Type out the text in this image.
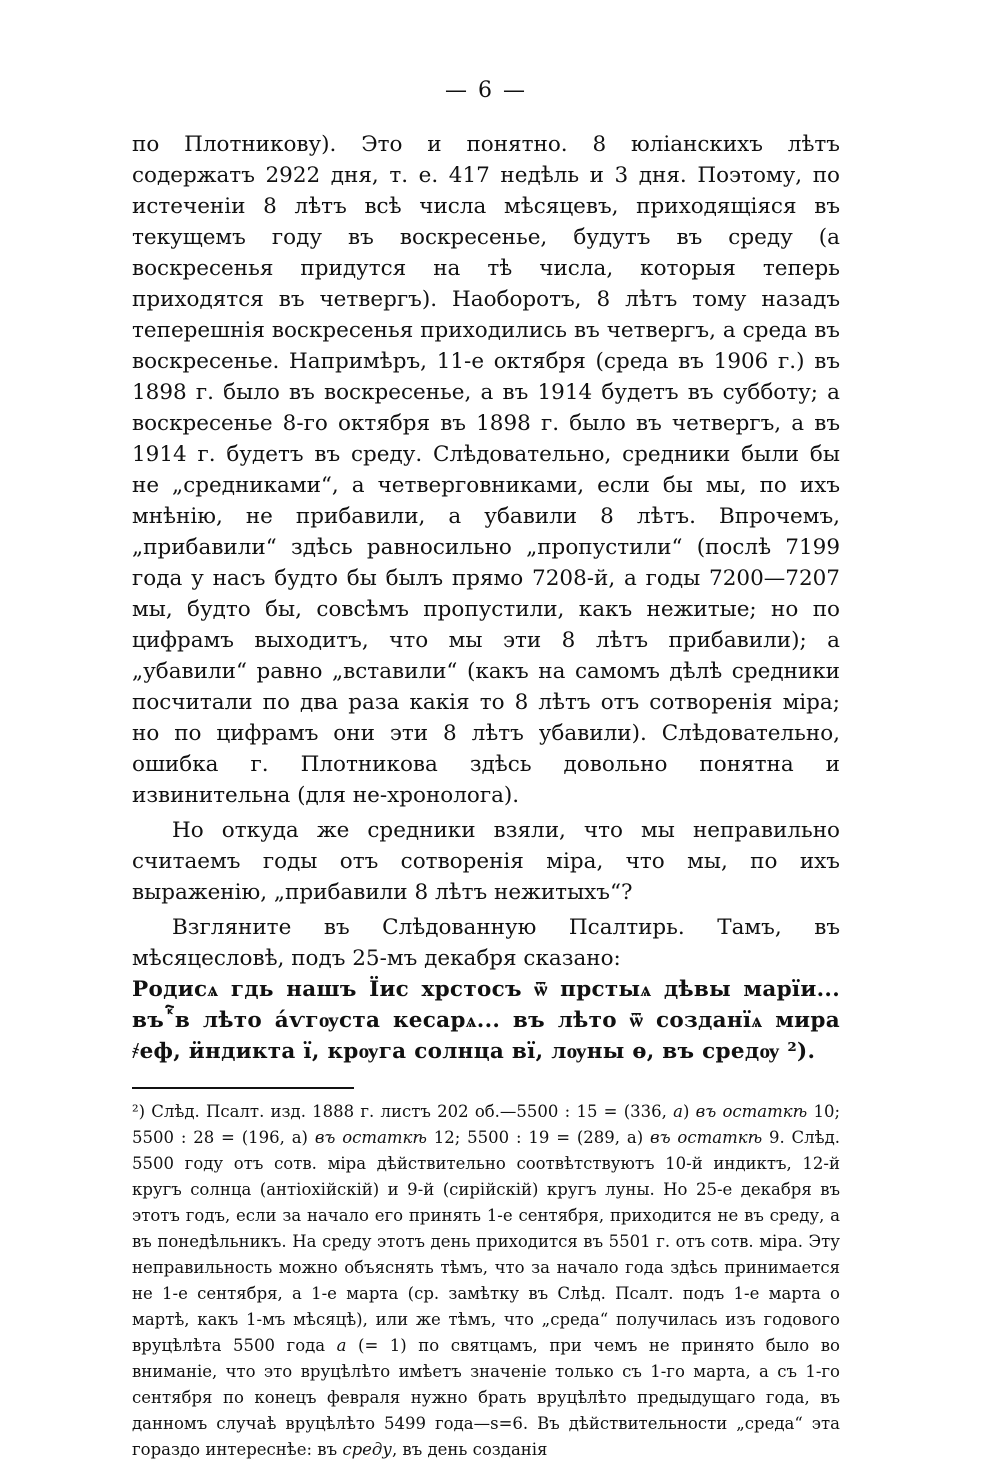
— 6 —

по Плотникову). Это и понятно. 8 юліанскихъ лѣтъ содержатъ 2922 дня, т. е. 417 недѣль и 3 дня. Поэтому, по истеченіи 8 лѣтъ всѣ числа мѣсяцевъ, приходящіяся въ текущемъ году въ воскресенье, будутъ въ среду (а воскресенья придутся на тѣ числа, которыя теперь приходятся въ четвергъ). Наоборотъ, 8 лѣтъ тому назадъ теперешнія воскресенья приходились въ четвергъ, а среда въ воскресенье. Напримѣръ, 11-е октября (среда въ 1906 г.) въ 1898 г. было въ воскресенье, а въ 1914 будетъ въ субботу; а воскресенье 8-го октября въ 1898 г. было въ четвергъ, а въ 1914 г. будетъ въ среду. Слѣдовательно, средники были бы не „средниками“, а четверговниками, если бы мы, по ихъ мнѣнію, не прибавили, а убавили 8 лѣтъ. Впрочемъ, „прибавили“ здѣсь равносильно „пропустили“ (послѣ 7199 года у насъ будто бы былъ прямо 7208-й, а годы 7200—7207 мы, будто бы, совсѣмъ пропустили, какъ нежитые; но по цифрамъ выходитъ, что мы эти 8 лѣтъ прибавили); а „убавили“ равно „вставили“ (какъ на самомъ дѣлѣ средники посчитали по два раза какія то 8 лѣтъ отъ сотворенія міра; но по цифрамъ они эти 8 лѣтъ убавили). Слѣдовательно, ошибка г. Плотникова здѣсь довольно понятна и извинительна (для не-хронолога).

Но откуда же средники взяли, что мы неправильно считаемъ годы отъ сотворенія міра, что мы, по ихъ выраженію, „прибавили 8 лѣтъ нежитыхъ“?

Взгляните въ Слѣдованную Псалтирь. Тамъ, въ мѣсяцесловѣ, подъ 25-мъ декабря сказано:

Родисѧ гдь нашъ Їис хрстосъ ѿ прстыѧ дѣвы марїи... въ ⷦ҇в лѣто а́ѵгѹста кесарѧ... въ лѣто ѿ созданїѧ мира ҂еф, ӥндикта ї, крѹга солнца вї, лѹны ѳ, въ средѹ ²).

²) Слѣд. Псалт. изд. 1888 г. листъ 202 об.—5500 : 15 = (336, а) въ остаткѣ 10; 5500 : 28 = (196, а) въ остаткѣ 12; 5500 : 19 = (289, а) въ остаткѣ 9. Слѣд. 5500 году отъ сотв. міра дѣйствительно соотвѣтствуютъ 10-й индиктъ, 12-й кругъ солнца (антіохійскій) и 9-й (сирійскій) кругъ луны. Но 25-е декабря въ этотъ годъ, если за начало его принять 1-е сентября, приходится не въ среду, а въ понедѣльникъ. На среду этотъ день приходится въ 5501 г. отъ сотв. міра. Эту неправильность можно объяснять тѣмъ, что за начало года здѣсь принимается не 1-е сентября, а 1-е марта (ср. замѣтку въ Слѣд. Псалт. подъ 1-е марта о мартѣ, какъ 1-мъ мѣсяцѣ), или же тѣмъ, что „среда“ получилась изъ годового вруцѣлѣта 5500 года а (= 1) по святцамъ, при чемъ не принято было во вниманіе, что это вруцѣлѣто имѣетъ значеніе только съ 1-го марта, а съ 1-го сентября по конецъ февраля нужно брать вруцѣлѣто предыдущаго года, въ данномъ случаѣ вруцѣлѣто 5499 года—s=6. Въ дѣйствительности „среда“ эта гораздо интереснѣе: въ среду, въ день созданія
